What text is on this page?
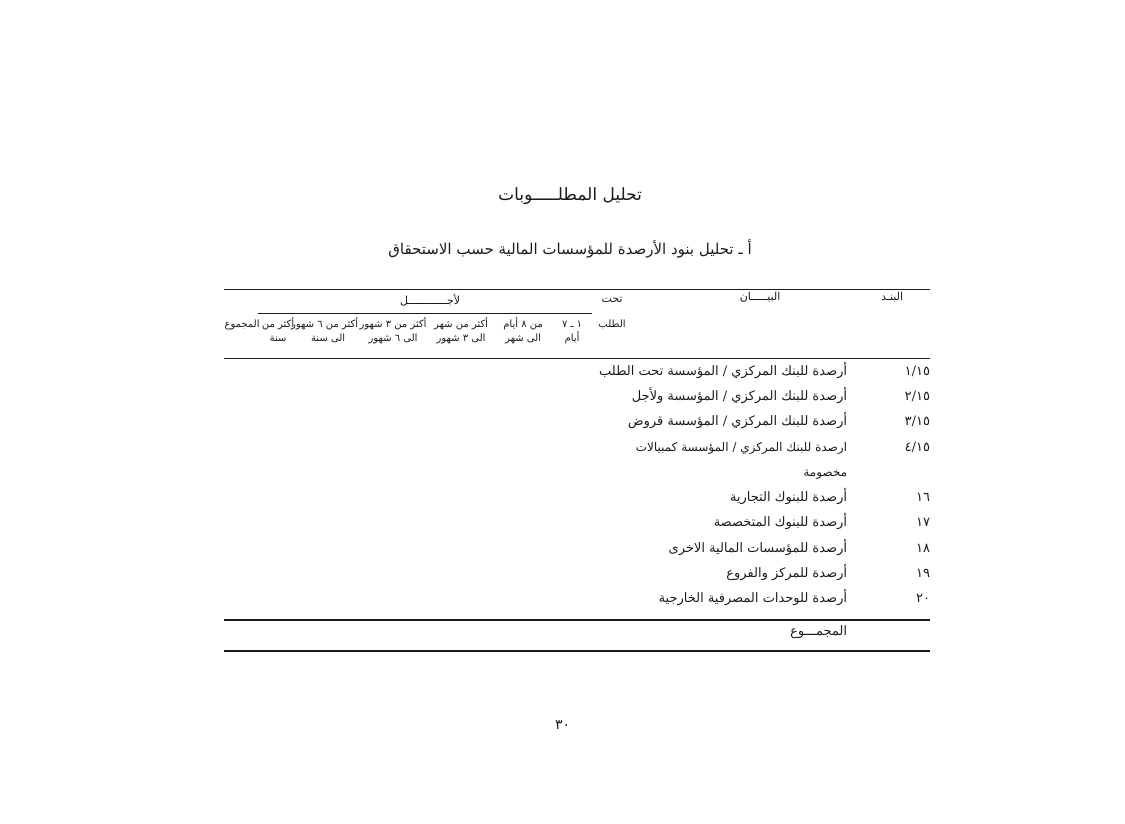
تحليل المطلـــــوبات
أ ـ تحليل بنود الأرصدة للمؤسسات المالية حسب الاستحقاق
البنـد
البيـــــان
تحت
الطلب
لأجــــــــــــل
١ ـ ٧
أيام
من ٨ أيام
الى شهر
أكثر من شهر
الى ٣ شهور
أكثر من ٣ شهور
الى ٦ شهور
أكثر من ٦ شهور
الى سنة
أكثر من
سنة
المجموع
١/١٥
أرصدة للبنك المركزي / المؤسسة تحت الطلب
٢/١٥
أرصدة للبنك المركزي / المؤسسة ولأجل
٣/١٥
أرصدة للبنك المركزي / المؤسسة قروض
٤/١٥
ارصدة للبنك المركزي / المؤسسة كمبيالات
مخصومة
١٦
أرصدة للبنوك التجارية
١٧
أرصدة للبنوك المتخصصة
١٨
أرصدة للمؤسسات المالية الاخرى
١٩
أرصدة للمركز والفروع
٢٠
أرصدة للوحدات المصرفية الخارجية
المجمـــوع
٣٠
